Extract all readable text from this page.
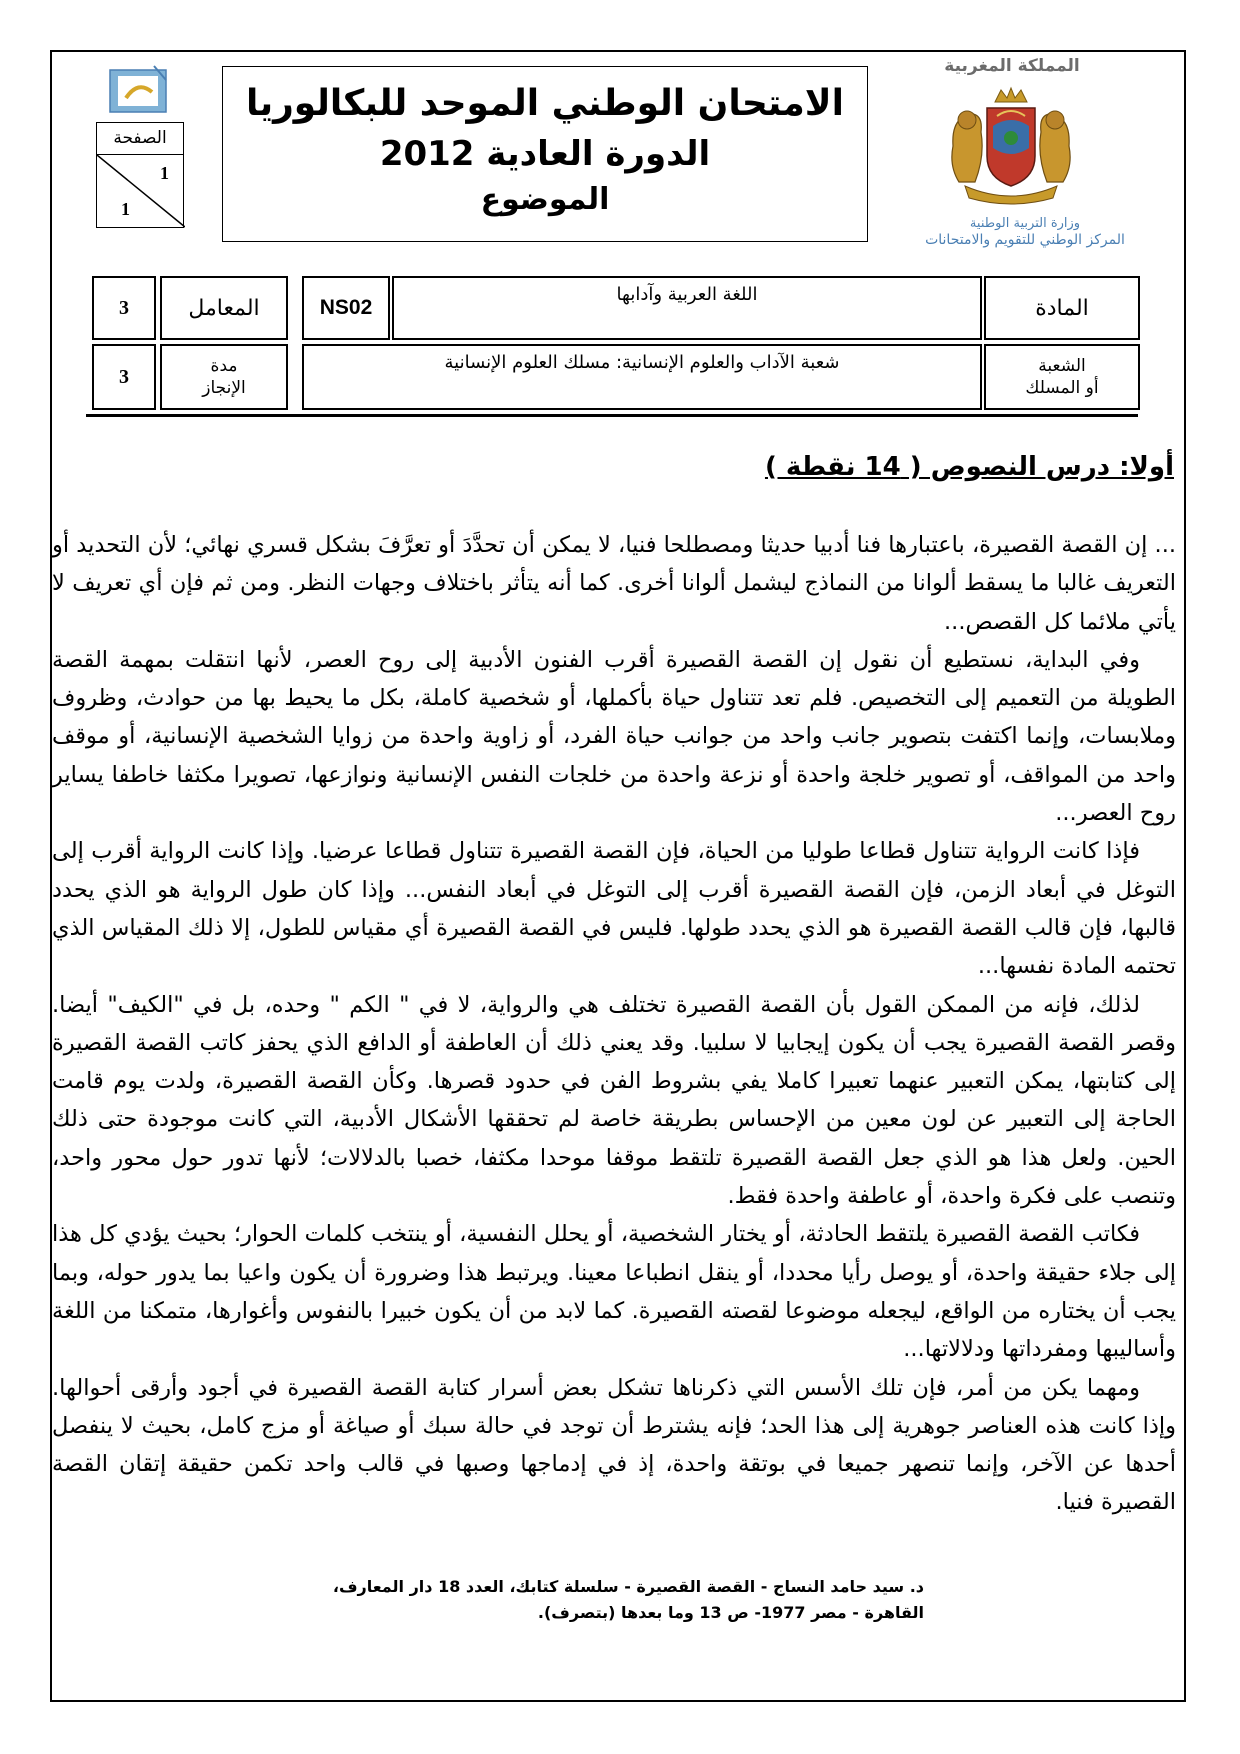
المملكة المغربية
وزارة التربية الوطنية
المركز الوطني للتقويم والامتحانات
الامتحان الوطني الموحد للبكالوريا
الدورة العادية 2012
الموضوع
الصفحة
1
1
المادة
اللغة العربية وآدابها
NS02
المعامل
3
الشعبة
أو المسلك
شعبة الآداب والعلوم الإنسانية: مسلك العلوم الإنسانية
مدة
الإنجاز
3
أولا: درس النصوص ( 14 نقطة )

... إن القصة القصيرة، باعتبارها فنا أدبيا حديثا ومصطلحا فنيا، لا يمكن أن تحدَّدَ أو تعرَّفَ بشكل قسري نهائي؛ لأن التحديد أو التعريف غالبا ما يسقط ألوانا من النماذج ليشمل ألوانا أخرى. كما أنه يتأثر باختلاف وجهات النظر. ومن ثم فإن أي تعريف لا يأتي ملائما كل القصص...

وفي البداية، نستطيع أن نقول إن القصة القصيرة أقرب الفنون الأدبية إلى روح العصر، لأنها انتقلت بمهمة القصة الطويلة من التعميم إلى التخصيص. فلم تعد تتناول حياة بأكملها، أو شخصية كاملة، بكل ما يحيط بها من حوادث، وظروف وملابسات، وإنما اكتفت بتصوير جانب واحد من جوانب حياة الفرد، أو زاوية واحدة من زوايا الشخصية الإنسانية، أو موقف واحد من المواقف، أو تصوير خلجة واحدة أو نزعة واحدة من خلجات النفس الإنسانية ونوازعها، تصويرا مكثفا خاطفا يساير روح العصر...

فإذا كانت الرواية تتناول قطاعا طوليا من الحياة، فإن القصة القصيرة تتناول قطاعا عرضيا. وإذا كانت الرواية أقرب إلى التوغل في أبعاد الزمن، فإن القصة القصيرة أقرب إلى التوغل في أبعاد النفس... وإذا كان طول الرواية هو الذي يحدد قالبها، فإن قالب القصة القصيرة هو الذي يحدد طولها. فليس في القصة القصيرة أي مقياس للطول، إلا ذلك المقياس الذي تحتمه المادة نفسها...

لذلك، فإنه من الممكن القول بأن القصة القصيرة تختلف هي والرواية، لا في " الكم " وحده، بل في "الكيف" أيضا. وقصر القصة القصيرة يجب أن يكون إيجابيا لا سلبيا. وقد يعني ذلك أن العاطفة أو الدافع الذي يحفز كاتب القصة القصيرة إلى كتابتها، يمكن التعبير عنهما تعبيرا كاملا يفي بشروط الفن في حدود قصرها. وكأن القصة القصيرة، ولدت يوم قامت الحاجة إلى التعبير عن لون معين من الإحساس بطريقة خاصة لم تحققها الأشكال الأدبية، التي كانت موجودة حتى ذلك الحين. ولعل هذا هو الذي جعل القصة القصيرة تلتقط موقفا موحدا مكثفا، خصبا بالدلالات؛ لأنها تدور حول محور واحد، وتنصب على فكرة واحدة، أو عاطفة واحدة فقط.

فكاتب القصة القصيرة يلتقط الحادثة، أو يختار الشخصية، أو يحلل النفسية، أو ينتخب كلمات الحوار؛ بحيث يؤدي كل هذا إلى جلاء حقيقة واحدة، أو يوصل رأيا محددا، أو ينقل انطباعا معينا. ويرتبط هذا وضرورة أن يكون واعيا بما يدور حوله، وبما يجب أن يختاره من الواقع، ليجعله موضوعا لقصته القصيرة. كما لابد من أن يكون خبيرا بالنفوس وأغوارها، متمكنا من اللغة وأساليبها ومفرداتها ودلالاتها...

ومهما يكن من أمر، فإن تلك الأسس التي ذكرناها تشكل بعض أسرار كتابة القصة القصيرة في أجود وأرقى أحوالها. وإذا كانت هذه العناصر جوهرية إلى هذا الحد؛ فإنه يشترط أن توجد في حالة سبك أو صياغة أو مزج كامل، بحيث لا ينفصل أحدها عن الآخر، وإنما تنصهر جميعا في بوتقة واحدة، إذ في إدماجها وصبها في قالب واحد تكمن حقيقة إتقان القصة القصيرة فنيا.

د. سيد حامد النساج - القصة القصيرة - سلسلة كتابك، العدد 18 دار المعارف،
القاهرة - مصر 1977- ص 13 وما بعدها (بتصرف).
